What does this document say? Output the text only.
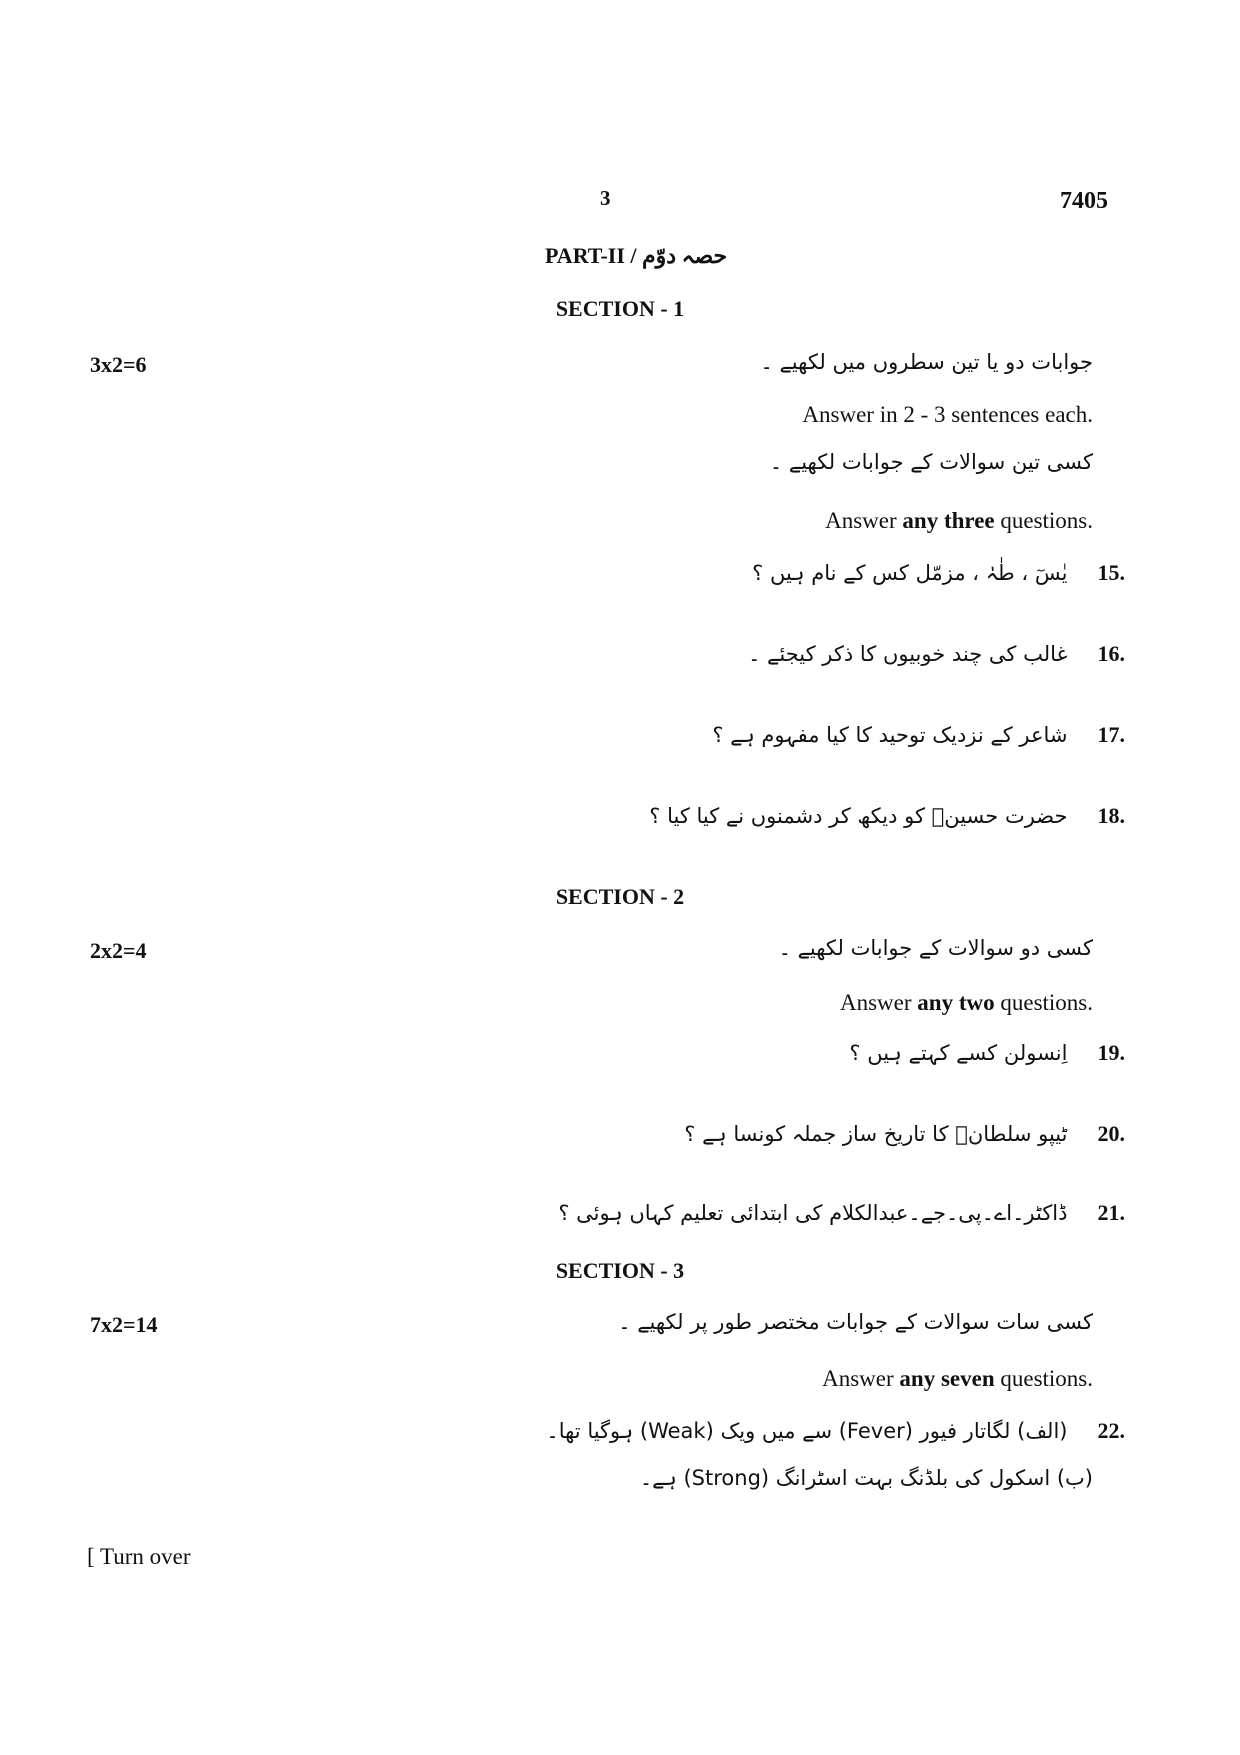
3	7405
PART-II / حصہ دوّم
SECTION - 1
3x2=6	جوابات دو یا تین سطروں میں لکھیے ۔
Answer in 2 - 3 sentences each.
کسی تین سوالات کے جوابات لکھیے ۔
Answer any three questions.
15.
یٰسٓ ، طٰہٰ ، مزمّل کس کے نام ہیں ؟
16.
غالب کی چند خوبیوں کا ذکر کیجئے ۔
17.
شاعر کے نزدیک توحید کا کیا مفہوم ہے ؟
18.
حضرت حسینؓ کو دیکھ کر دشمنوں نے کیا کیا ؟
SECTION - 2
2x2=4	کسی دو سوالات کے جوابات لکھیے ۔
Answer any two questions.
19.
اِنسولن کسے کہتے ہیں ؟
20.
ٹیپو سلطانؒ کا تاریخ ساز جملہ کونسا ہے ؟
21.
ڈاکٹر۔اے۔پی۔جے۔عبدالکلام کی ابتدائی تعلیم کہاں ہوئی ؟
SECTION - 3
7x2=14	کسی سات سوالات کے جوابات مختصر طور پر لکھیے ۔
Answer any seven questions.
22.
(الف) لگاتار فیور (Fever) سے میں ویک (Weak) ہوگیا تھا۔
(ب) اسکول کی بلڈنگ بہت اسٹرانگ (Strong) ہے۔
[ Turn over
